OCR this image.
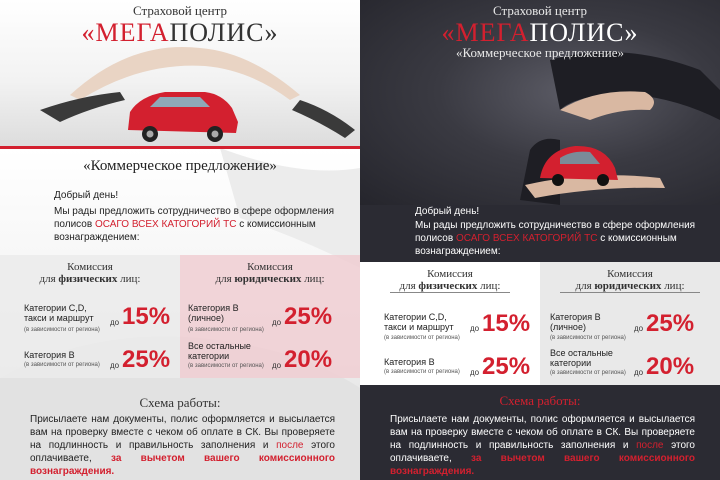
Страховой центр
«МЕГАПОЛИС»
«Коммерческое предложение»
Добрый день!
Мы рады предложить сотрудничество в сфере оформления полисов ОСАГО ВСЕХ КАТОГОРИЙ ТС с комиссионным вознаграждением:
Комиссия
для физических лиц:
Категории C,D, такси и маршрут
(в зависимости от региона)
до 15%
Категория B
(в зависимости от региона) до 25%
Комиссия
для юридических лиц:
Категория B (личное)
(в зависимости от региона)
до 25%
Все остальные категории
(в зависимости от региона) до 20%
Схема работы:
Присылаете нам документы, полис оформляется и высылается вам на проверку вместе с чеком об оплате в СК. Вы проверяете на подлинность и правильность заполнения и после этого оплачиваете, за вычетом вашего комиссионного вознаграждения.
Страховой центр
«МЕГАПОЛИС»
«Коммерческое предложение»
Добрый день!
Мы рады предложить сотрудничество в сфере оформления полисов ОСАГО ВСЕХ КАТОГОРИЙ ТС с комиссионным вознаграждением:
Комиссия
для физических лиц:
Категории C,D, такси и маршрут
(в зависимости от региона)
до 15%
Категория B
(в зависимости от региона) до 25%
Комиссия
для юридических лиц:
Категория B (личное)
(в зависимости от региона)
до 25%
Все остальные категории
(в зависимости от региона) до 20%
Схема работы:
Присылаете нам документы, полис оформляется и высылается вам на проверку вместе с чеком об оплате в СК. Вы проверяете на подлинность и правильность заполнения и после этого оплачиваете, за вычетом вашего комиссионного вознаграждения.
